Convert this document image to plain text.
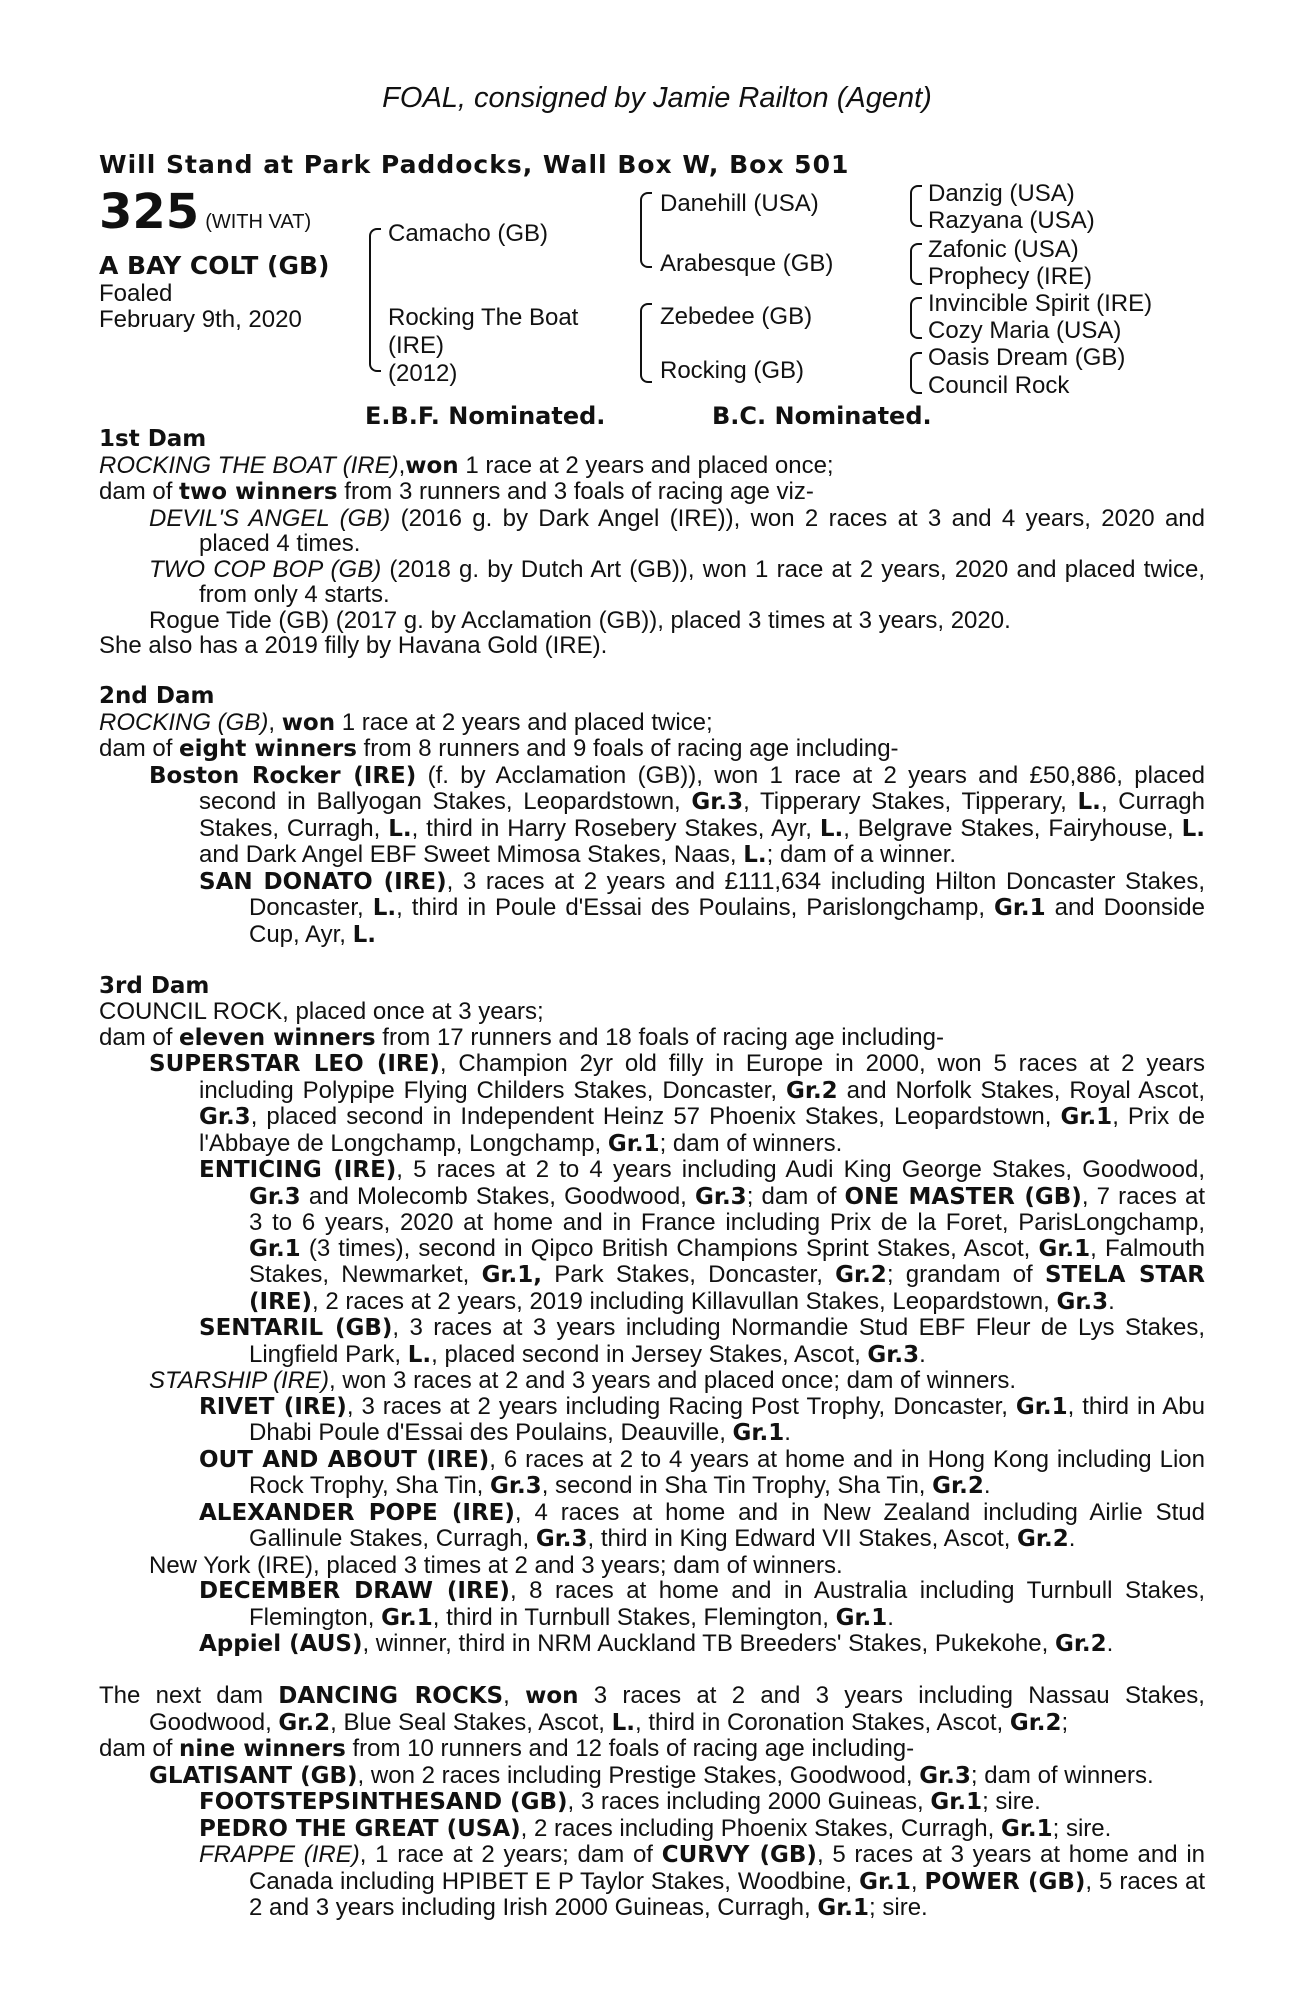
FOAL, consigned by Jamie Railton (Agent)
Will Stand at Park Paddocks, Wall Box W, Box 501
325 (WITH VAT)
A BAY COLT (GB)
Foaled
February 9th, 2020
Camacho (GB)
Rocking The Boat
(IRE)
(2012)
Danehill (USA)
Arabesque (GB)
Zebedee (GB)
Rocking (GB)
Danzig (USA)
Razyana (USA)
Zafonic (USA)
Prophecy (IRE)
Invincible Spirit (IRE)
Cozy Maria (USA)
Oasis Dream (GB)
Council Rock
E.B.F. Nominated.	B.C. Nominated.
1st Dam
ROCKING THE BOAT (IRE),won 1 race at 2 years and placed once;
dam of two winners from 3 runners and 3 foals of racing age viz-
DEVIL'S ANGEL (GB) (2016 g. by Dark Angel (IRE)), won 2 races at 3 and 4 years, 2020 and placed 4 times.
TWO COP BOP (GB) (2018 g. by Dutch Art (GB)), won 1 race at 2 years, 2020 and placed twice, from only 4 starts.
Rogue Tide (GB) (2017 g. by Acclamation (GB)), placed 3 times at 3 years, 2020.
She also has a 2019 filly by Havana Gold (IRE).
2nd Dam
ROCKING (GB), won 1 race at 2 years and placed twice;
dam of eight winners from 8 runners and 9 foals of racing age including-
Boston Rocker (IRE) (f. by Acclamation (GB)), won 1 race at 2 years and £50,886, placed second in Ballyogan Stakes, Leopardstown, Gr.3, Tipperary Stakes, Tipperary, L., Curragh Stakes, Curragh, L., third in Harry Rosebery Stakes, Ayr, L., Belgrave Stakes, Fairyhouse, L. and Dark Angel EBF Sweet Mimosa Stakes, Naas, L.; dam of a winner.
SAN DONATO (IRE), 3 races at 2 years and £111,634 including Hilton Doncaster Stakes, Doncaster, L., third in Poule d'Essai des Poulains, Parislongchamp, Gr.1 and Doonside Cup, Ayr, L.
3rd Dam
COUNCIL ROCK, placed once at 3 years;
dam of eleven winners from 17 runners and 18 foals of racing age including-
SUPERSTAR LEO (IRE), Champion 2yr old filly in Europe in 2000, won 5 races at 2 years including Polypipe Flying Childers Stakes, Doncaster, Gr.2 and Norfolk Stakes, Royal Ascot, Gr.3, placed second in Independent Heinz 57 Phoenix Stakes, Leopardstown, Gr.1, Prix de l'Abbaye de Longchamp, Longchamp, Gr.1; dam of winners.
ENTICING (IRE), 5 races at 2 to 4 years including Audi King George Stakes, Goodwood, Gr.3 and Molecomb Stakes, Goodwood, Gr.3; dam of ONE MASTER (GB), 7 races at 3 to 6 years, 2020 at home and in France including Prix de la Foret, ParisLongchamp, Gr.1 (3 times), second in Qipco British Champions Sprint Stakes, Ascot, Gr.1, Falmouth Stakes, Newmarket, Gr.1, Park Stakes, Doncaster, Gr.2; grandam of STELA STAR (IRE), 2 races at 2 years, 2019 including Killavullan Stakes, Leopardstown, Gr.3.
SENTARIL (GB), 3 races at 3 years including Normandie Stud EBF Fleur de Lys Stakes, Lingfield Park, L., placed second in Jersey Stakes, Ascot, Gr.3.
STARSHIP (IRE), won 3 races at 2 and 3 years and placed once; dam of winners.
RIVET (IRE), 3 races at 2 years including Racing Post Trophy, Doncaster, Gr.1, third in Abu Dhabi Poule d'Essai des Poulains, Deauville, Gr.1.
OUT AND ABOUT (IRE), 6 races at 2 to 4 years at home and in Hong Kong including Lion Rock Trophy, Sha Tin, Gr.3, second in Sha Tin Trophy, Sha Tin, Gr.2.
ALEXANDER POPE (IRE), 4 races at home and in New Zealand including Airlie Stud Gallinule Stakes, Curragh, Gr.3, third in King Edward VII Stakes, Ascot, Gr.2.
New York (IRE), placed 3 times at 2 and 3 years; dam of winners.
DECEMBER DRAW (IRE), 8 races at home and in Australia including Turnbull Stakes, Flemington, Gr.1, third in Turnbull Stakes, Flemington, Gr.1.
Appiel (AUS), winner, third in NRM Auckland TB Breeders' Stakes, Pukekohe, Gr.2.
The next dam DANCING ROCKS, won 3 races at 2 and 3 years including Nassau Stakes, Goodwood, Gr.2, Blue Seal Stakes, Ascot, L., third in Coronation Stakes, Ascot, Gr.2;
dam of nine winners from 10 runners and 12 foals of racing age including-
GLATISANT (GB), won 2 races including Prestige Stakes, Goodwood, Gr.3; dam of winners.
FOOTSTEPSINTHESAND (GB), 3 races including 2000 Guineas, Gr.1; sire.
PEDRO THE GREAT (USA), 2 races including Phoenix Stakes, Curragh, Gr.1; sire.
FRAPPE (IRE), 1 race at 2 years; dam of CURVY (GB), 5 races at 3 years at home and in Canada including HPIBET E P Taylor Stakes, Woodbine, Gr.1, POWER (GB), 5 races at 2 and 3 years including Irish 2000 Guineas, Curragh, Gr.1; sire.
